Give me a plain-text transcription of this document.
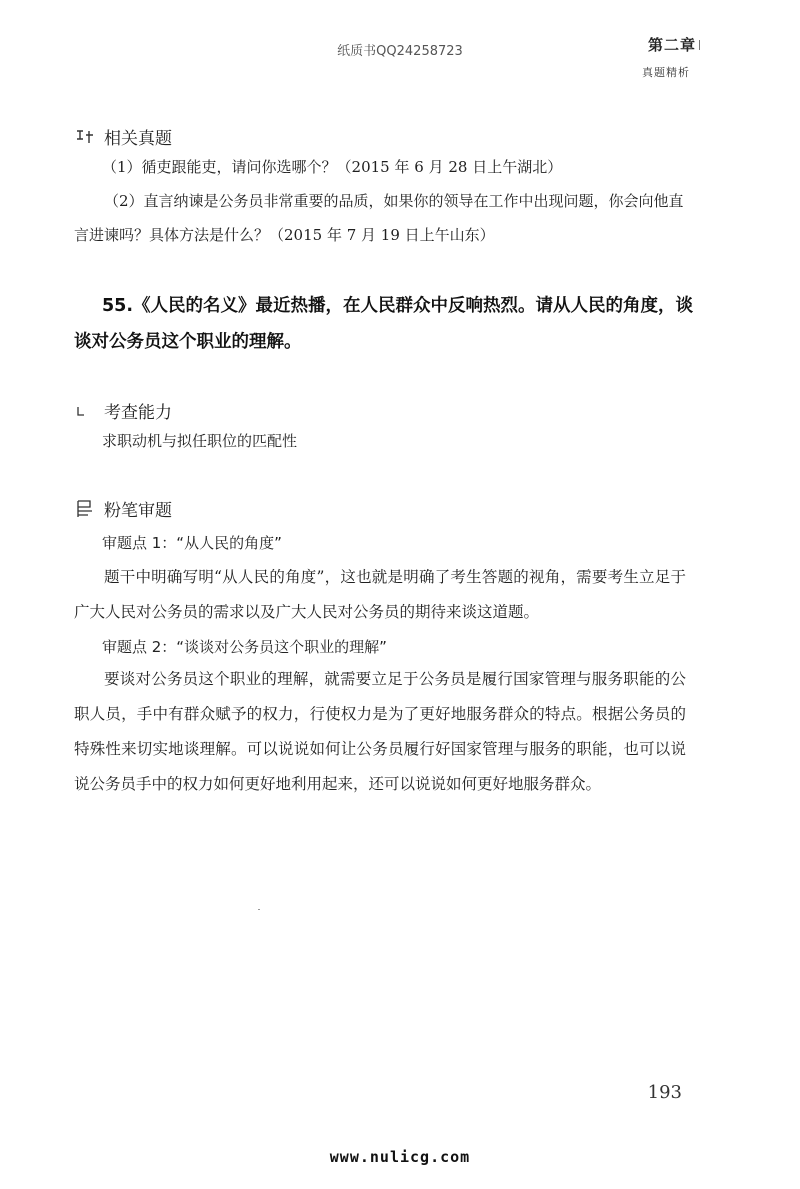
纸质书QQ24258723	第二章
真题精析
相关真题
（1）循吏跟能吏，请问你选哪个？（2015 年 6 月 28 日上午湖北）
（2）直言纳谏是公务员非常重要的品质，如果你的领导在工作中出现问题，你会向他直言进谏吗？具体方法是什么？（2015 年 7 月 19 日上午山东）
55.《人民的名义》最近热播，在人民群众中反响热烈。请从人民的角度，谈谈对公务员这个职业的理解。
考查能力
求职动机与拟任职位的匹配性
粉笔审题
审题点 1：“从人民的角度”
题干中明确写明“从人民的角度”，这也就是明确了考生答题的视角，需要考生立足于广大人民对公务员的需求以及广大人民对公务员的期待来谈这道题。
审题点 2：“谈谈对公务员这个职业的理解”
要谈对公务员这个职业的理解，就需要立足于公务员是履行国家管理与服务职能的公职人员，手中有群众赋予的权力，行使权力是为了更好地服务群众的特点。根据公务员的特殊性来切实地谈理解。可以说说如何让公务员履行好国家管理与服务的职能，也可以说说公务员手中的权力如何更好地利用起来，还可以说说如何更好地服务群众。
193
www.nulicg.com
